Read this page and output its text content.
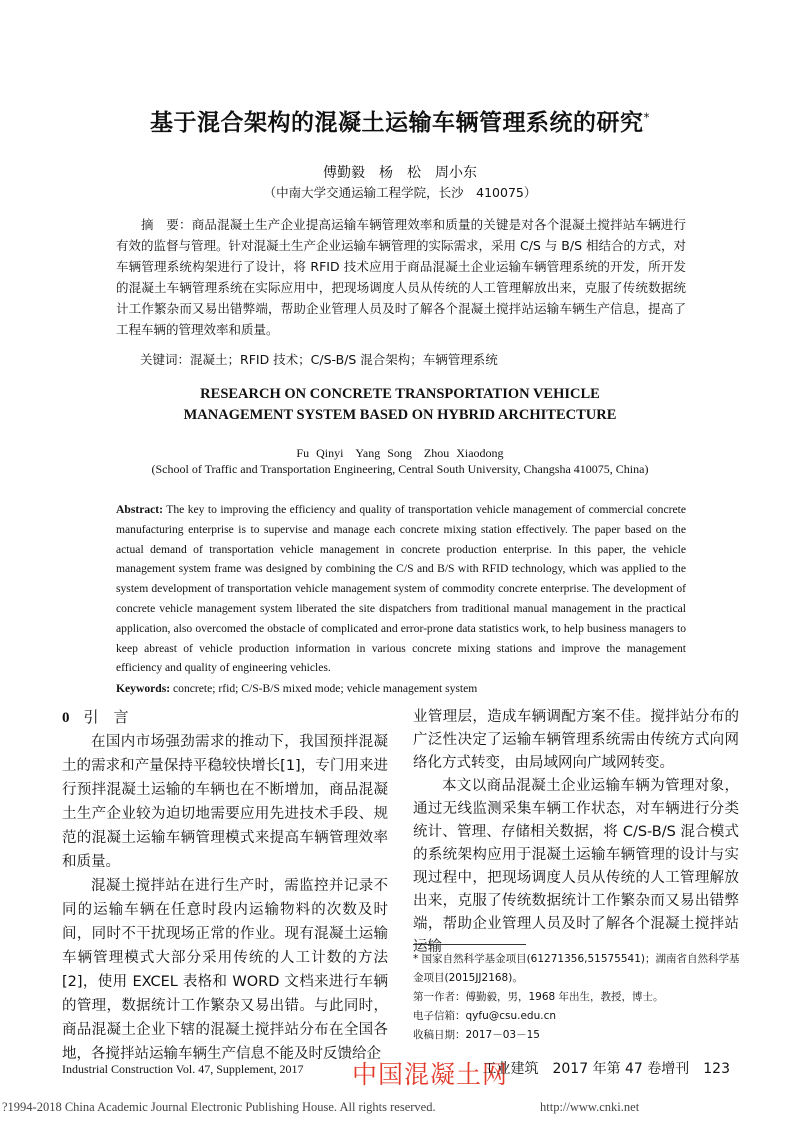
基于混合架构的混凝土运输车辆管理系统的研究*
傅勤毅　杨　松　周小东
（中南大学交通运输工程学院，长沙　410075）
摘　要：商品混凝土生产企业提高运输车辆管理效率和质量的关键是对各个混凝土搅拌站车辆进行有效的监督与管理。针对混凝土生产企业运输车辆管理的实际需求，采用 C/S 与 B/S 相结合的方式，对车辆管理系统构架进行了设计，将 RFID 技术应用于商品混凝土企业运输车辆管理系统的开发，所开发的混凝土车辆管理系统在实际应用中，把现场调度人员从传统的人工管理解放出来，克服了传统数据统计工作繁杂而又易出错弊端，帮助企业管理人员及时了解各个混凝土搅拌站运输车辆生产信息，提高了工程车辆的管理效率和质量。
关键词：混凝土；RFID 技术；C/S-B/S 混合架构；车辆管理系统
RESEARCH ON CONCRETE TRANSPORTATION VEHICLE
MANAGEMENT SYSTEM BASED ON HYBRID ARCHITECTURE
Fu Qinyi　Yang Song　Zhou Xiaodong
(School of Traffic and Transportation Engineering, Central South University, Changsha 410075, China)
Abstract: The key to improving the efficiency and quality of transportation vehicle management of commercial concrete manufacturing enterprise is to supervise and manage each concrete mixing station effectively. The paper based on the actual demand of transportation vehicle management in concrete production enterprise. In this paper, the vehicle management system frame was designed by combining the C/S and B/S with RFID technology, which was applied to the system development of transportation vehicle management system of commodity concrete enterprise. The development of concrete vehicle management system liberated the site dispatchers from traditional manual management in the practical application, also overcomed the obstacle of complicated and error-prone data statistics work, to help business managers to keep abreast of vehicle production information in various concrete mixing stations and improve the management efficiency and quality of engineering vehicles.
Keywords: concrete; rfid; C/S-B/S mixed mode; vehicle management system
0 引　言

在国内市场强劲需求的推动下，我国预拌混凝土的需求和产量保持平稳较快增长[1]，专门用来进行预拌混凝土运输的车辆也在不断增加，商品混凝土生产企业较为迫切地需要应用先进技术手段、规范的混凝土运输车辆管理模式来提高车辆管理效率和质量。

混凝土搅拌站在进行生产时，需监控并记录不同的运输车辆在任意时段内运输物料的次数及时间，同时不干扰现场正常的作业。现有混凝土运输车辆管理模式大部分采用传统的人工计数的方法[2]，使用 EXCEL 表格和 WORD 文档来进行车辆的管理，数据统计工作繁杂又易出错。与此同时，商品混凝土企业下辖的混凝土搅拌站分布在全国各地，各搅拌站运输车辆生产信息不能及时反馈给企

业管理层，造成车辆调配方案不佳。搅拌站分布的广泛性决定了运输车辆管理系统需由传统方式向网络化方式转变，由局域网向广域网转变。

本文以商品混凝土企业运输车辆为管理对象，通过无线监测采集车辆工作状态，对车辆进行分类统计、管理、存储相关数据，将 C/S-B/S 混合模式的系统架构应用于混凝土运输车辆管理的设计与实现过程中，把现场调度人员从传统的人工管理解放出来，克服了传统数据统计工作繁杂而又易出错弊端，帮助企业管理人员及时了解各个混凝土搅拌站运输

* 国家自然科学基金项目(61271356,51575541)；湖南省自然科学基金项目(2015JJ2168)。
第一作者：傅勤毅，男，1968 年出生，教授，博士。
电子信箱：qyfu@csu.edu.cn
收稿日期：2017－03－15
Industrial Construction Vol. 47, Supplement, 2017 中国混凝土网
工业建筑　2017 年第 47 卷增刊　123
?1994-2018 China Academic Journal Electronic Publishing House. All rights reserved.	http://www.cnki.net
